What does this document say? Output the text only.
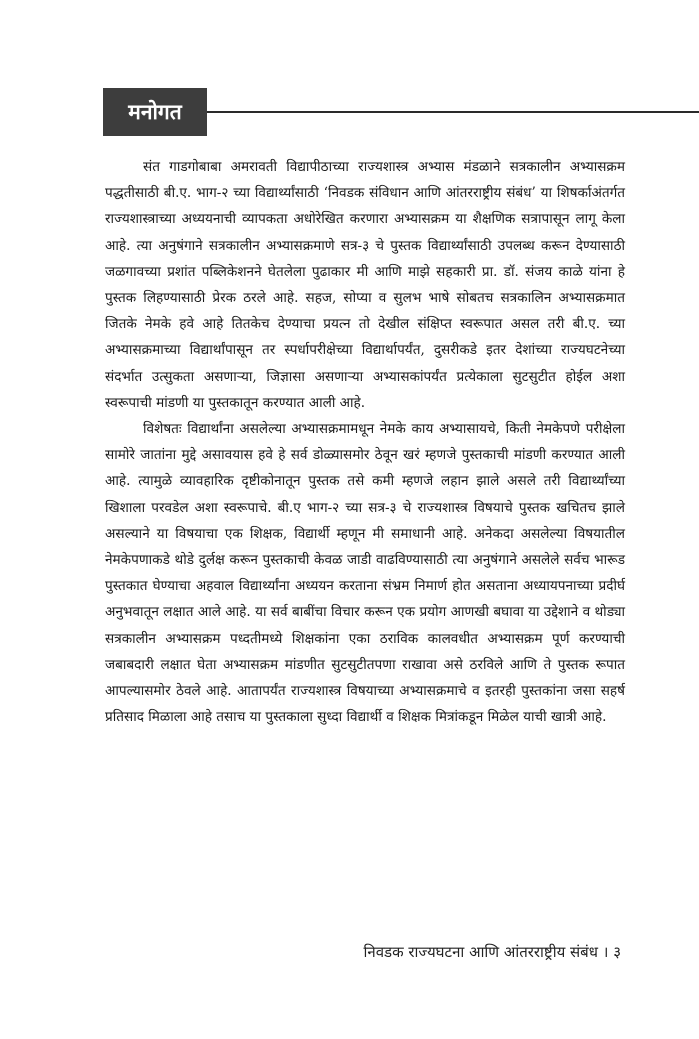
मनोगत

संत गाडगोबाबा अमरावती विद्यापीठाच्या राज्यशास्त्र अभ्यास मंडळाने सत्रकालीन अभ्यासक्रम पद्धतीसाठी बी.ए. भाग-२ च्या विद्यार्थ्यांसाठी ‘निवडक संविधान आणि आंतरराष्ट्रीय संबंध’ या शिषर्काअंतर्गत राज्यशास्त्राच्या अध्ययनाची व्यापकता अधोरेखित करणारा अभ्यासक्रम या शैक्षणिक सत्रापासून लागू केला आहे. त्या अनुषंगाने सत्रकालीन अभ्यासक्रमाणे सत्र-३ चे पुस्तक विद्यार्थ्यांसाठी उपलब्ध करून देण्यासाठी जळगावच्या प्रशांत पब्लिकेशनने घेतलेला पुढाकार मी आणि माझे सहकारी प्रा. डॉ. संजय काळे यांना हे पुस्तक लिहण्यासाठी प्रेरक ठरले आहे. सहज, सोप्या व सुलभ भाषे सोबतच सत्रकालिन अभ्यासक्रमात जितके नेमके हवे आहे तितकेच देण्याचा प्रयत्न तो देखील संक्षिप्त स्वरूपात असल तरी बी.ए. च्या अभ्यासक्रमाच्या विद्यार्थांपासून तर स्पर्धापरीक्षेच्या विद्यार्थापर्यंत, दुसरीकडे इतर देशांच्या राज्यघटनेच्या संदर्भात उत्सुकता असणाऱ्या, जिज्ञासा असणाऱ्या अभ्यासकांपर्यंत प्रत्येकाला सुटसुटीत होईल अशा स्वरूपाची मांडणी या पुस्तकातून करण्यात आली आहे.

विशेषतः विद्यार्थांना असलेल्या अभ्यासक्रमामधून नेमके काय अभ्यासायचे, किती नेमकेपणे परीक्षेला सामोरे जातांना मुद्दे असावयास हवे हे सर्व डोळ्यासमोर ठेवून खरं म्हणजे पुस्तकाची मांडणी करण्यात आली आहे. त्यामुळे व्यावहारिक दृष्टीकोनातून पुस्तक तसे कमी म्हणजे लहान झाले असले तरी विद्यार्थ्यांच्या खिशाला परवडेल अशा स्वरूपाचे. बी.ए भाग-२ च्या सत्र-३ चे राज्यशास्त्र विषयाचे पुस्तक खचितच झाले असल्याने या विषयाचा एक शिक्षक, विद्यार्थी म्हणून मी समाधानी आहे. अनेकदा असलेल्या विषयातील नेमकेपणाकडे थोडे दुर्लक्ष करून पुस्तकाची केवळ जाडी वाढविण्यासाठी त्या अनुषंगाने असलेले सर्वच भारूड पुस्तकात घेण्याचा अहवाल विद्यार्थ्यांना अध्ययन करताना संभ्रम निमार्ण होत असताना अध्यायपनाच्या प्रदीर्घ अनुभवातून लक्षात आले आहे. या सर्व बाबींचा विचार करून एक प्रयोग आणखी बघावा या उद्देशाने व थोड्या सत्रकालीन अभ्यासक्रम पध्दतीमध्ये शिक्षकांना एका ठराविक कालवधीत अभ्यासक्रम पूर्ण करण्याची जबाबदारी लक्षात घेता अभ्यासक्रम मांडणीत सुटसुटीतपणा राखावा असे ठरविले आणि ते पुस्तक रूपात आपल्यासमोर ठेवले आहे. आतापर्यंत राज्यशास्त्र विषयाच्या अभ्यासक्रमाचे व इतरही पुस्तकांना जसा सहर्ष प्रतिसाद मिळाला आहे तसाच या पुस्तकाला सुध्दा विद्यार्थी व शिक्षक मित्रांकडून मिळेल याची खात्री आहे.

निवडक राज्यघटना आणि आंतरराष्ट्रीय संबंध । ३
